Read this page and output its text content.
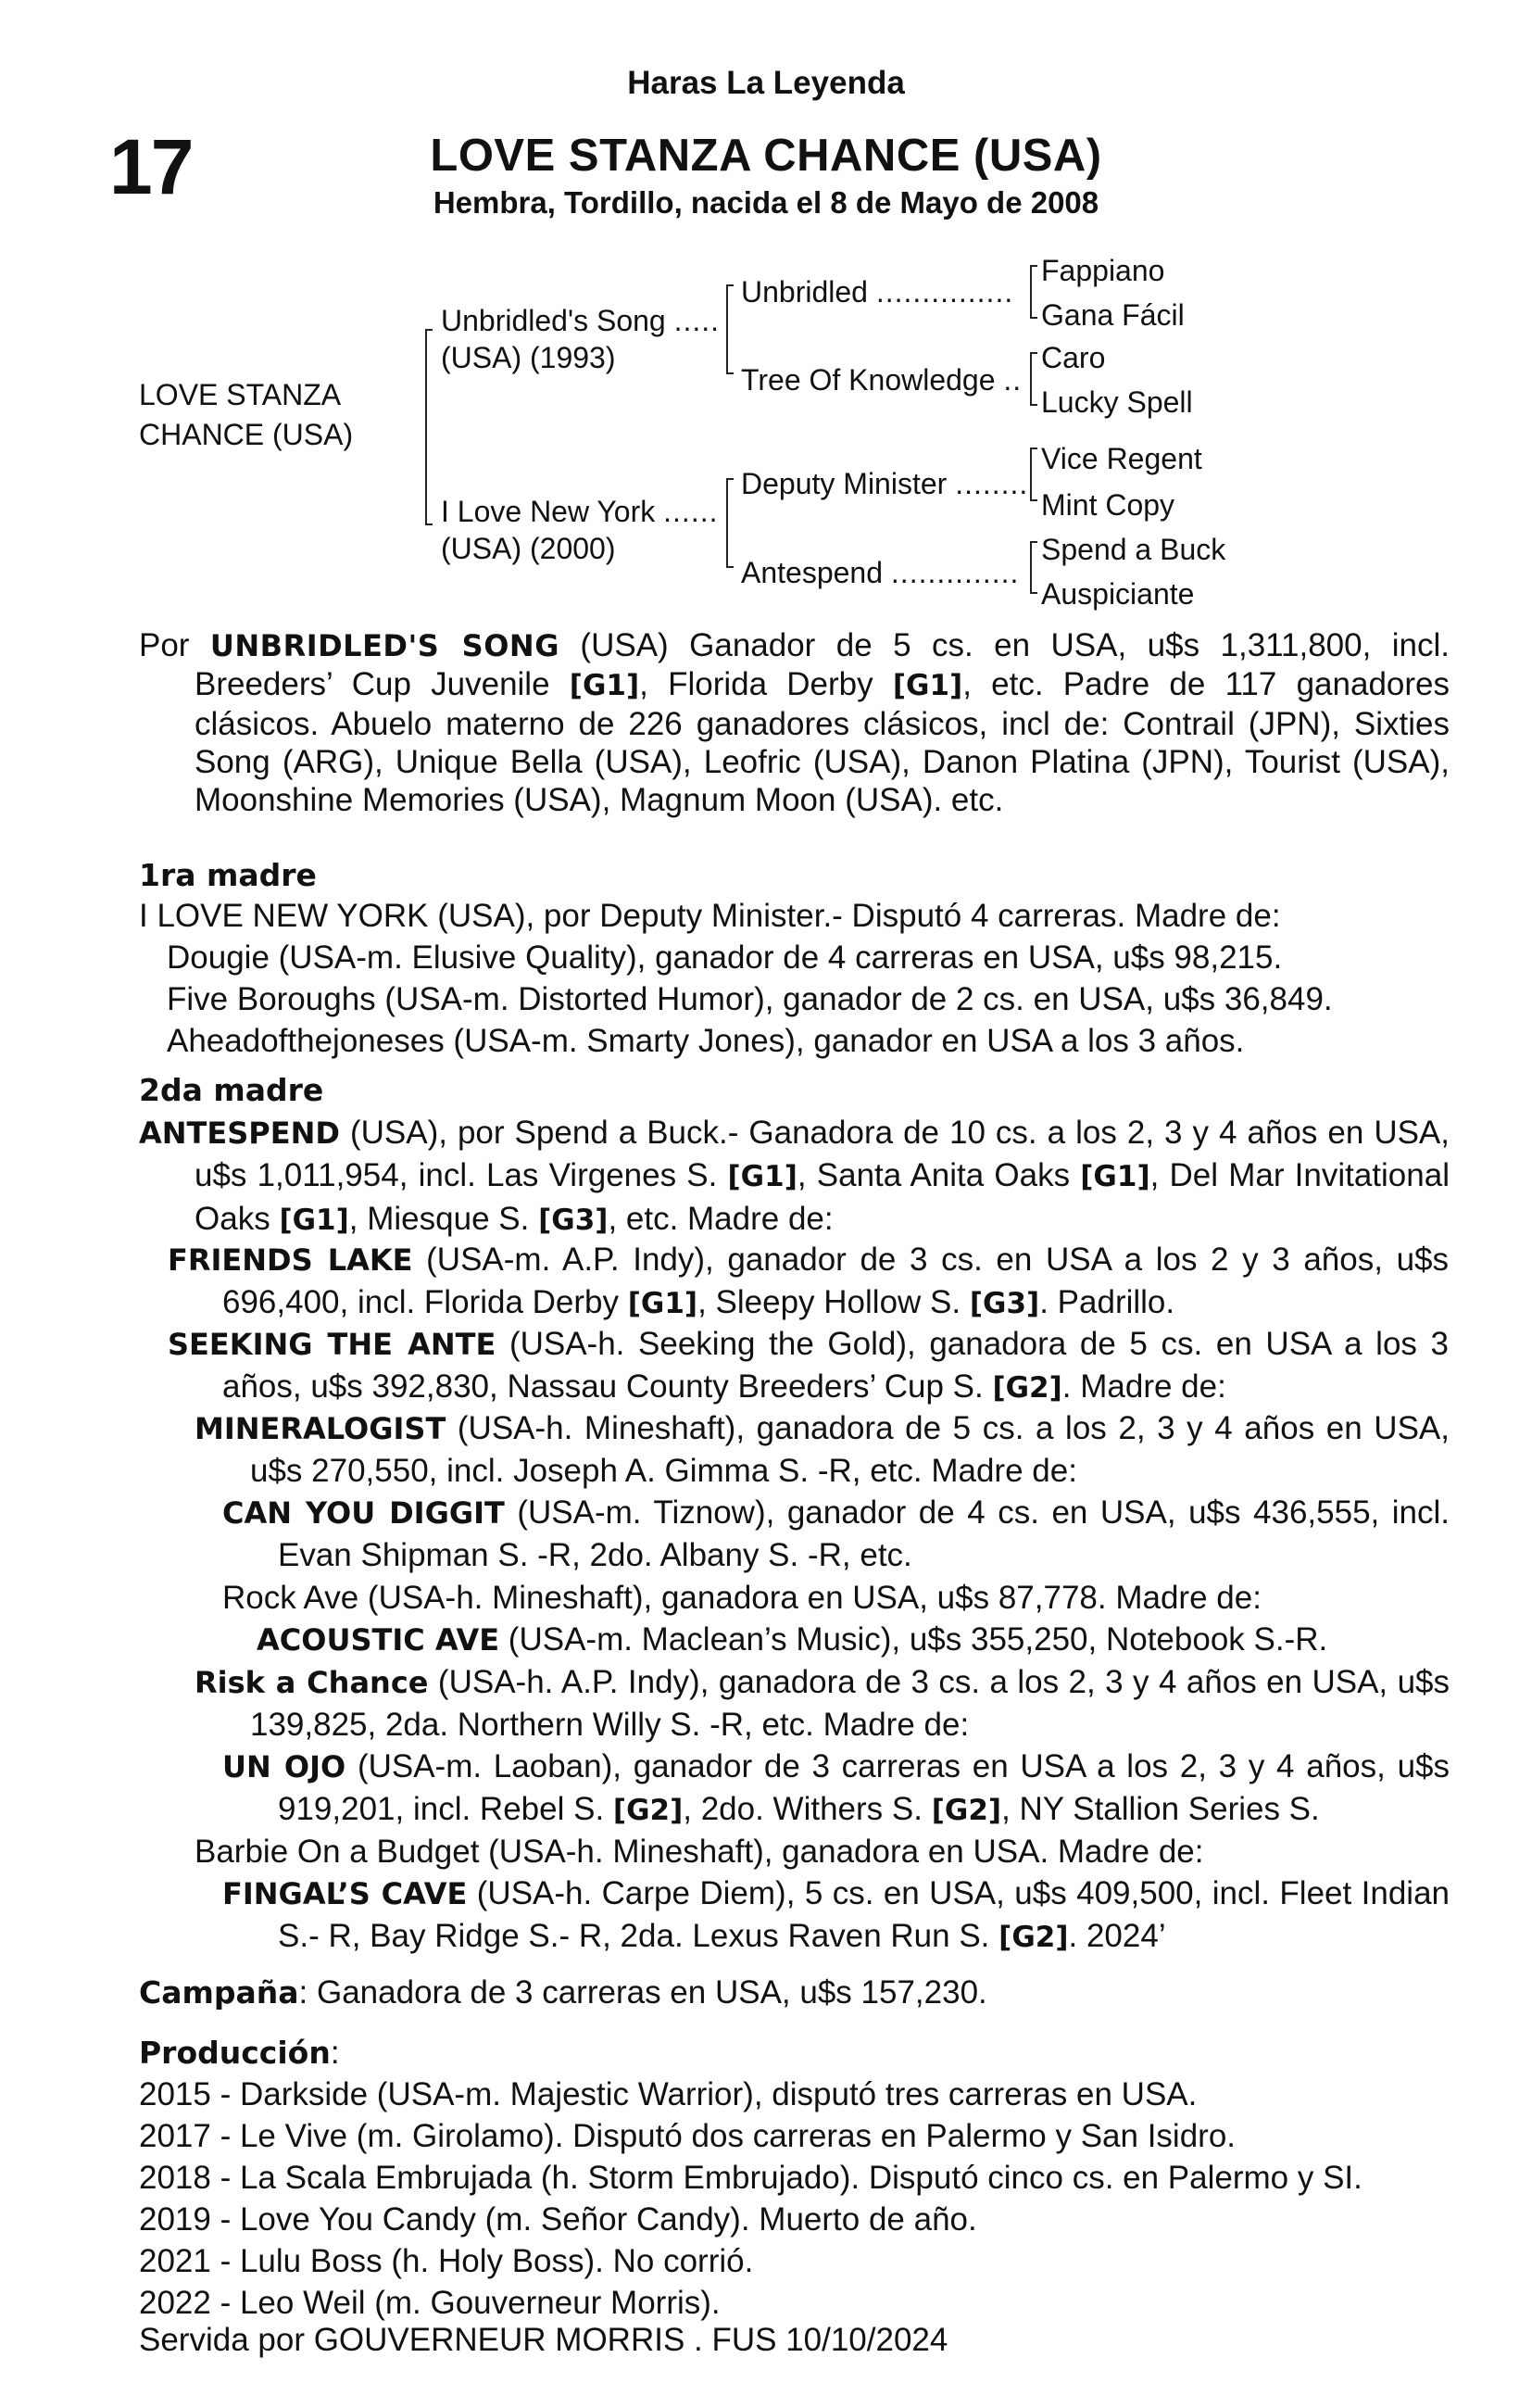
Haras La Leyenda
17	LOVE STANZA CHANCE (USA)
Hembra, Tordillo, nacida el 8 de Mayo de 2008
LOVE STANZA
CHANCE (USA)
Unbridled's Song .....
(USA) (1993)
I Love New York ......
(USA) (2000)
Unbridled ...............
Tree Of Knowledge ..
Deputy Minister ........
Antespend ..............
Fappiano
Gana Fácil
Caro
Lucky Spell
Vice Regent
Mint Copy
Spend a Buck
Auspiciante
Por UNBRIDLED'S SONG (USA) Ganador de 5 cs. en USA, u$s 1,311,800, incl. Breeders’ Cup Juvenile [G1], Florida Derby [G1], etc. Padre de 117 ganadores clásicos. Abuelo materno de 226 ganadores clásicos, incl de: Contrail (JPN), Sixties Song (ARG), Unique Bella (USA), Leofric (USA), Danon Platina (JPN), Tourist (USA), Moonshine Memories (USA), Magnum Moon (USA). etc.
1ra madre
I LOVE NEW YORK (USA), por Deputy Minister.- Disputó 4 carreras. Madre de:
Dougie (USA-m. Elusive Quality), ganador de 4 carreras en USA, u$s 98,215.
Five Boroughs (USA-m. Distorted Humor), ganador de 2 cs. en USA, u$s 36,849.
Aheadofthejoneses (USA-m. Smarty Jones), ganador en USA a los 3 años.
2da madre
ANTESPEND (USA), por Spend a Buck.- Ganadora de 10 cs. a los 2, 3 y 4 años en USA, u$s 1,011,954, incl. Las Virgenes S. [G1], Santa Anita Oaks [G1], Del Mar Invitational Oaks [G1], Miesque S. [G3], etc. Madre de:
FRIENDS LAKE (USA-m. A.P. Indy), ganador de 3 cs. en USA a los 2 y 3 años, u$s 696,400, incl. Florida Derby [G1], Sleepy Hollow S. [G3]. Padrillo.
SEEKING THE ANTE (USA-h. Seeking the Gold), ganadora de 5 cs. en USA a los 3 años, u$s 392,830, Nassau County Breeders’ Cup S. [G2]. Madre de:
MINERALOGIST (USA-h. Mineshaft), ganadora de 5 cs. a los 2, 3 y 4 años en USA, u$s 270,550, incl. Joseph A. Gimma S. -R, etc. Madre de:
CAN YOU DIGGIT (USA-m. Tiznow), ganador de 4 cs. en USA, u$s 436,555, incl. Evan Shipman S. -R, 2do. Albany S. -R, etc.
Rock Ave (USA-h. Mineshaft), ganadora en USA, u$s 87,778. Madre de:
ACOUSTIC AVE (USA-m. Maclean’s Music), u$s 355,250, Notebook S.-R.
Risk a Chance (USA-h. A.P. Indy), ganadora de 3 cs. a los 2, 3 y 4 años en USA, u$s 139,825, 2da. Northern Willy S. -R, etc. Madre de:
UN OJO (USA-m. Laoban), ganador de 3 carreras en USA a los 2, 3 y 4 años, u$s 919,201, incl. Rebel S. [G2], 2do. Withers S. [G2], NY Stallion Series S.
Barbie On a Budget (USA-h. Mineshaft), ganadora en USA. Madre de:
FINGAL’S CAVE (USA-h. Carpe Diem), 5 cs. en USA, u$s 409,500, incl. Fleet Indian S.- R, Bay Ridge S.- R, 2da. Lexus Raven Run S. [G2]. 2024’
Campaña: Ganadora de 3 carreras en USA, u$s 157,230.
Producción:
2015 - Darkside (USA-m. Majestic Warrior), disputó tres carreras en USA.
2017 - Le Vive (m. Girolamo). Disputó dos carreras en Palermo y San Isidro.
2018 - La Scala Embrujada (h. Storm Embrujado). Disputó cinco cs. en Palermo y SI.
2019 - Love You Candy (m. Señor Candy). Muerto de año.
2021 - Lulu Boss (h. Holy Boss). No corrió.
2022 - Leo Weil (m. Gouverneur Morris).
Servida por GOUVERNEUR MORRIS . FUS 10/10/2024
